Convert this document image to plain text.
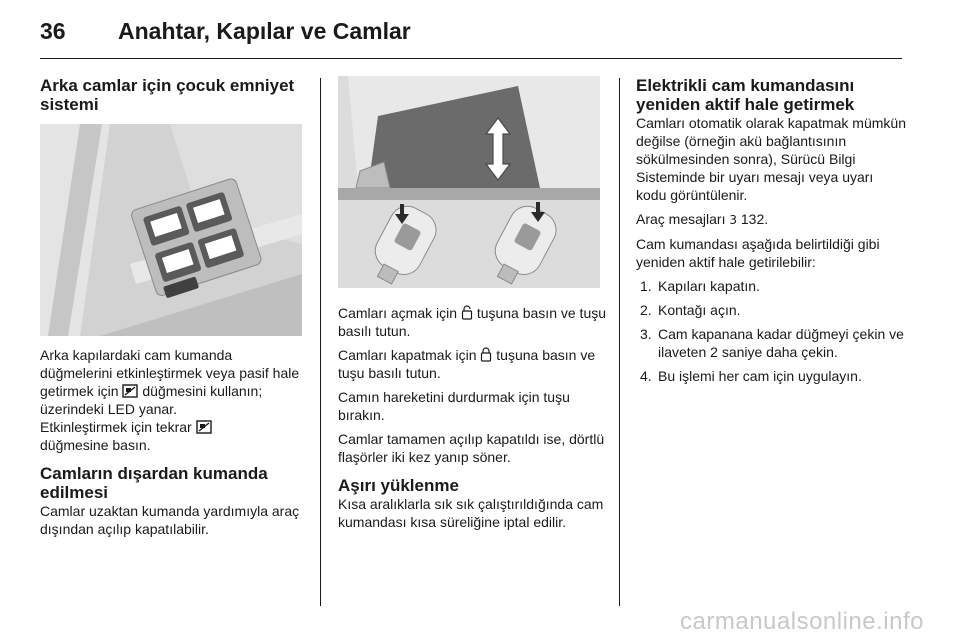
36 Anahtar, Kapılar ve Camlar
Arka camlar için çocuk emniyet sistemi

Arka kapılardaki cam kumanda düğmelerini etkinleştirmek veya pasif hale getirmek için düğmesini kullanın; üzerindeki LED yanar.
Etkinleştirmek için tekrar
düğmesine basın.

Camların dışardan kumanda edilmesi

Camlar uzaktan kumanda yardımıyla araç dışından açılıp kapatılabilir.

Camları açmak için tuşuna basın ve tuşu basılı tutun.

Camları kapatmak için tuşuna basın ve tuşu basılı tutun.

Camın hareketini durdurmak için tuşu bırakın.

Camlar tamamen açılıp kapatıldı ise, dörtlü flaşörler iki kez yanıp söner.

Aşırı yüklenme

Kısa aralıklarla sık sık çalıştırıldığında cam kumandası kısa süreliğine iptal edilir.

Elektrikli cam kumandasını yeniden aktif hale getirmek

Camları otomatik olarak kapatmak mümkün değilse (örneğin akü bağlantısının sökülmesinden sonra), Sürücü Bilgi Sisteminde bir uyarı mesajı veya uyarı kodu görüntülenir.

Araç mesajları 3 132.

Cam kumandası aşağıda belirtildiği gibi yeniden aktif hale getirilebilir:

1. Kapıları kapatın.
2. Kontağı açın.
3. Cam kapanana kadar düğmeyi çekin ve ilaveten 2 saniye daha çekin.
4. Bu işlemi her cam için uygulayın.
carmanualsonline.info
